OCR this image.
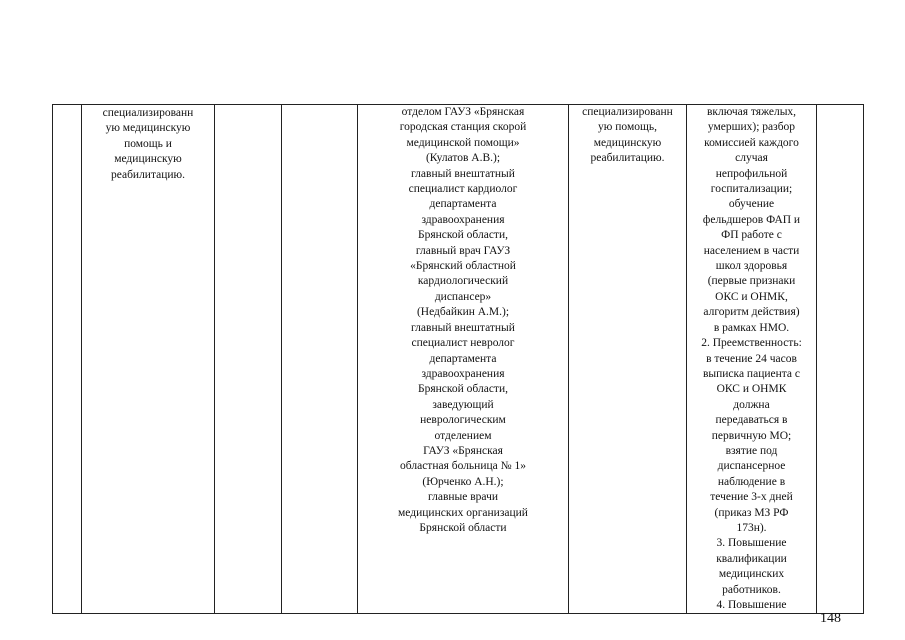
	специализированн
ую медицинскую
помощь и
медицинскую
реабилитацию.			отделом ГАУЗ «Брянская
городская станция скорой
медицинской помощи»
(Кулатов А.В.);
главный внештатный
специалист кардиолог
департамента
здравоохранения
Брянской области,
главный врач ГАУЗ
«Брянский областной
кардиологический
диспансер»
(Недбайкин А.М.);
главный внештатный
специалист невролог
департамента
здравоохранения
Брянской области,
заведующий
неврологическим
отделением
ГАУЗ «Брянская
областная больница № 1»
(Юрченко А.Н.);
главные врачи
медицинских организаций
Брянской области	специализированн
ую помощь,
медицинскую
реабилитацию.	включая тяжелых,
умерших); разбор
комиссией каждого
случая
непрофильной
госпитализации;
обучение
фельдшеров ФАП и
ФП работе с
населением в части
школ здоровья
(первые признаки
ОКС и ОНМК,
алгоритм действия)
в рамках НМО.
2. Преемственность:
в течение 24 часов
выписка пациента с
ОКС и ОНМК
должна
передаваться в
первичную МО;
взятие под
диспансерное
наблюдение в
течение 3-х дней
(приказ МЗ РФ
173н).
3. Повышение
квалификации
медицинских
работников.
4. Повышение	
148
